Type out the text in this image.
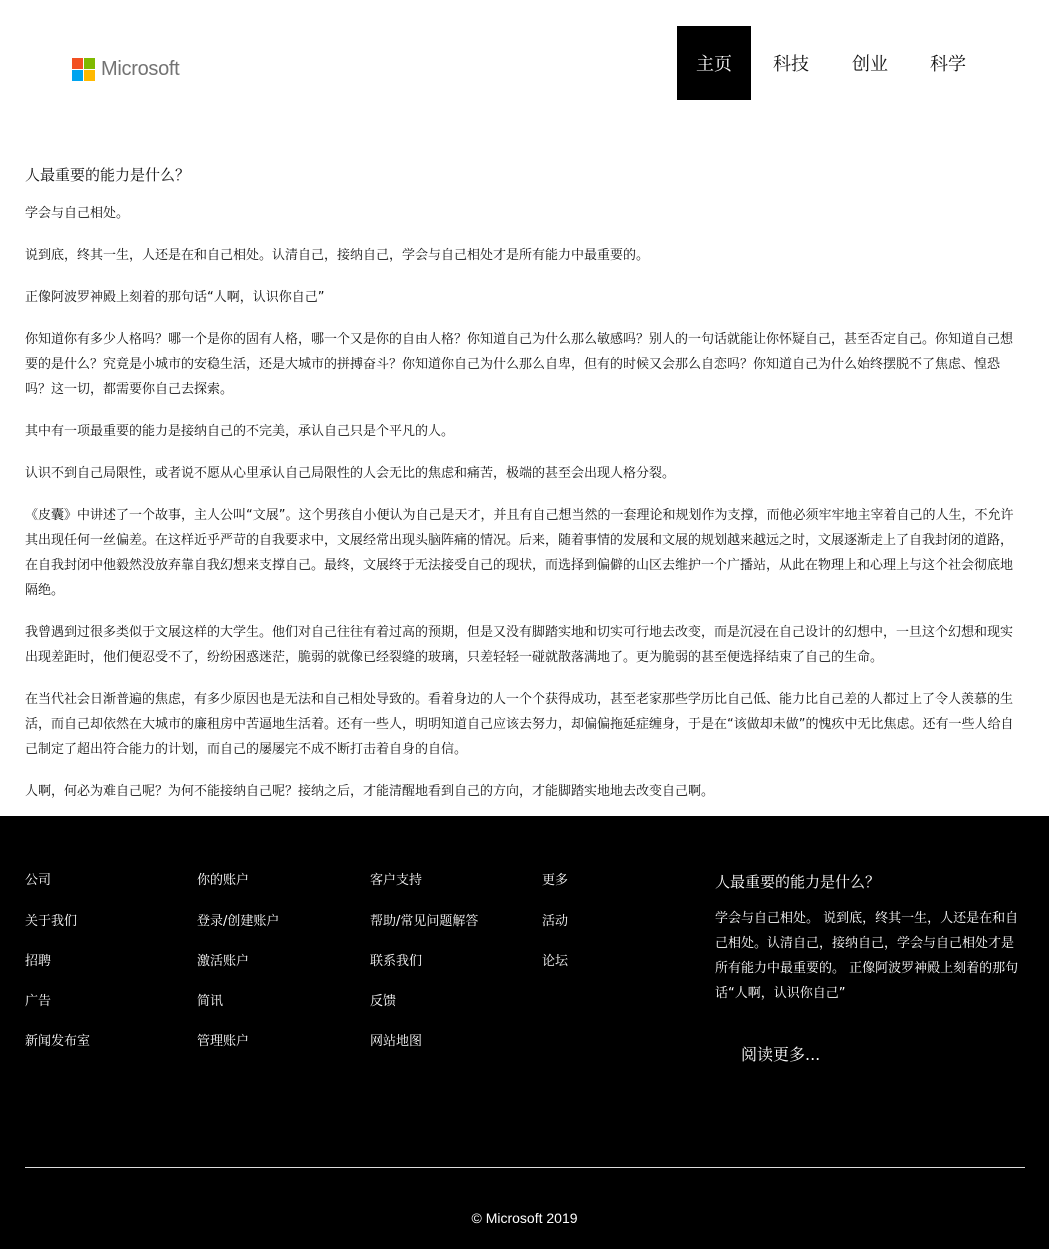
Microsoft	主页	科技	创业	科学
人最重要的能力是什么？

学会与自己相处。

说到底，终其一生，人还是在和自己相处。认清自己，接纳自己，学会与自己相处才是所有能力中最重要的。

正像阿波罗神殿上刻着的那句话“人啊，认识你自己”

你知道你有多少人格吗？哪一个是你的固有人格，哪一个又是你的自由人格？你知道自己为什么那么敏感吗？别人的一句话就能让你怀疑自己，甚至否定自己。你知道自己想要的是什么？究竟是小城市的安稳生活，还是大城市的拼搏奋斗？你知道你自己为什么那么自卑，但有的时候又会那么自恋吗？你知道自己为什么始终摆脱不了焦虑、惶恐吗？这一切，都需要你自己去探索。

其中有一项最重要的能力是接纳自己的不完美，承认自己只是个平凡的人。

认识不到自己局限性，或者说不愿从心里承认自己局限性的人会无比的焦虑和痛苦，极端的甚至会出现人格分裂。

《皮囊》中讲述了一个故事，主人公叫“文展”。这个男孩自小便认为自己是天才，并且有自己想当然的一套理论和规划作为支撑，而他必须牢牢地主宰着自己的人生，不允许其出现任何一丝偏差。在这样近乎严苛的自我要求中，文展经常出现头脑阵痛的情况。后来，随着事情的发展和文展的规划越来越远之时，文展逐渐走上了自我封闭的道路，在自我封闭中他毅然没放弃靠自我幻想来支撑自己。最终，文展终于无法接受自己的现状，而选择到偏僻的山区去维护一个广播站，从此在物理上和心理上与这个社会彻底地隔绝。

我曾遇到过很多类似于文展这样的大学生。他们对自己往往有着过高的预期，但是又没有脚踏实地和切实可行地去改变，而是沉浸在自己设计的幻想中，一旦这个幻想和现实出现差距时，他们便忍受不了，纷纷困惑迷茫，脆弱的就像已经裂缝的玻璃，只差轻轻一碰就散落满地了。更为脆弱的甚至便选择结束了自己的生命。

在当代社会日渐普遍的焦虑，有多少原因也是无法和自己相处导致的。看着身边的人一个个获得成功，甚至老家那些学历比自己低、能力比自己差的人都过上了令人羡慕的生活，而自己却依然在大城市的廉租房中苦逼地生活着。还有一些人，明明知道自己应该去努力，却偏偏拖延症缠身，于是在“该做却未做”的愧疚中无比焦虑。还有一些人给自己制定了超出符合能力的计划，而自己的屡屡完不成不断打击着自身的自信。

人啊，何必为难自己呢？为何不能接纳自己呢？接纳之后，才能清醒地看到自己的方向，才能脚踏实地地去改变自己啊。

公司
关于我们
招聘
广告
新闻发布室
你的账户
登录/创建账户
激活账户
简讯
管理账户
客户支持
帮助/常见问题解答
联系我们
反馈
网站地图
更多
活动
论坛
人最重要的能力是什么？
学会与自己相处。 说到底，终其一生，人还是在和自己相处。认清自己，接纳自己，学会与自己相处才是所有能力中最重要的。 正像阿波罗神殿上刻着的那句话“人啊，认识你自己”
阅读更多...
© Microsoft 2019
